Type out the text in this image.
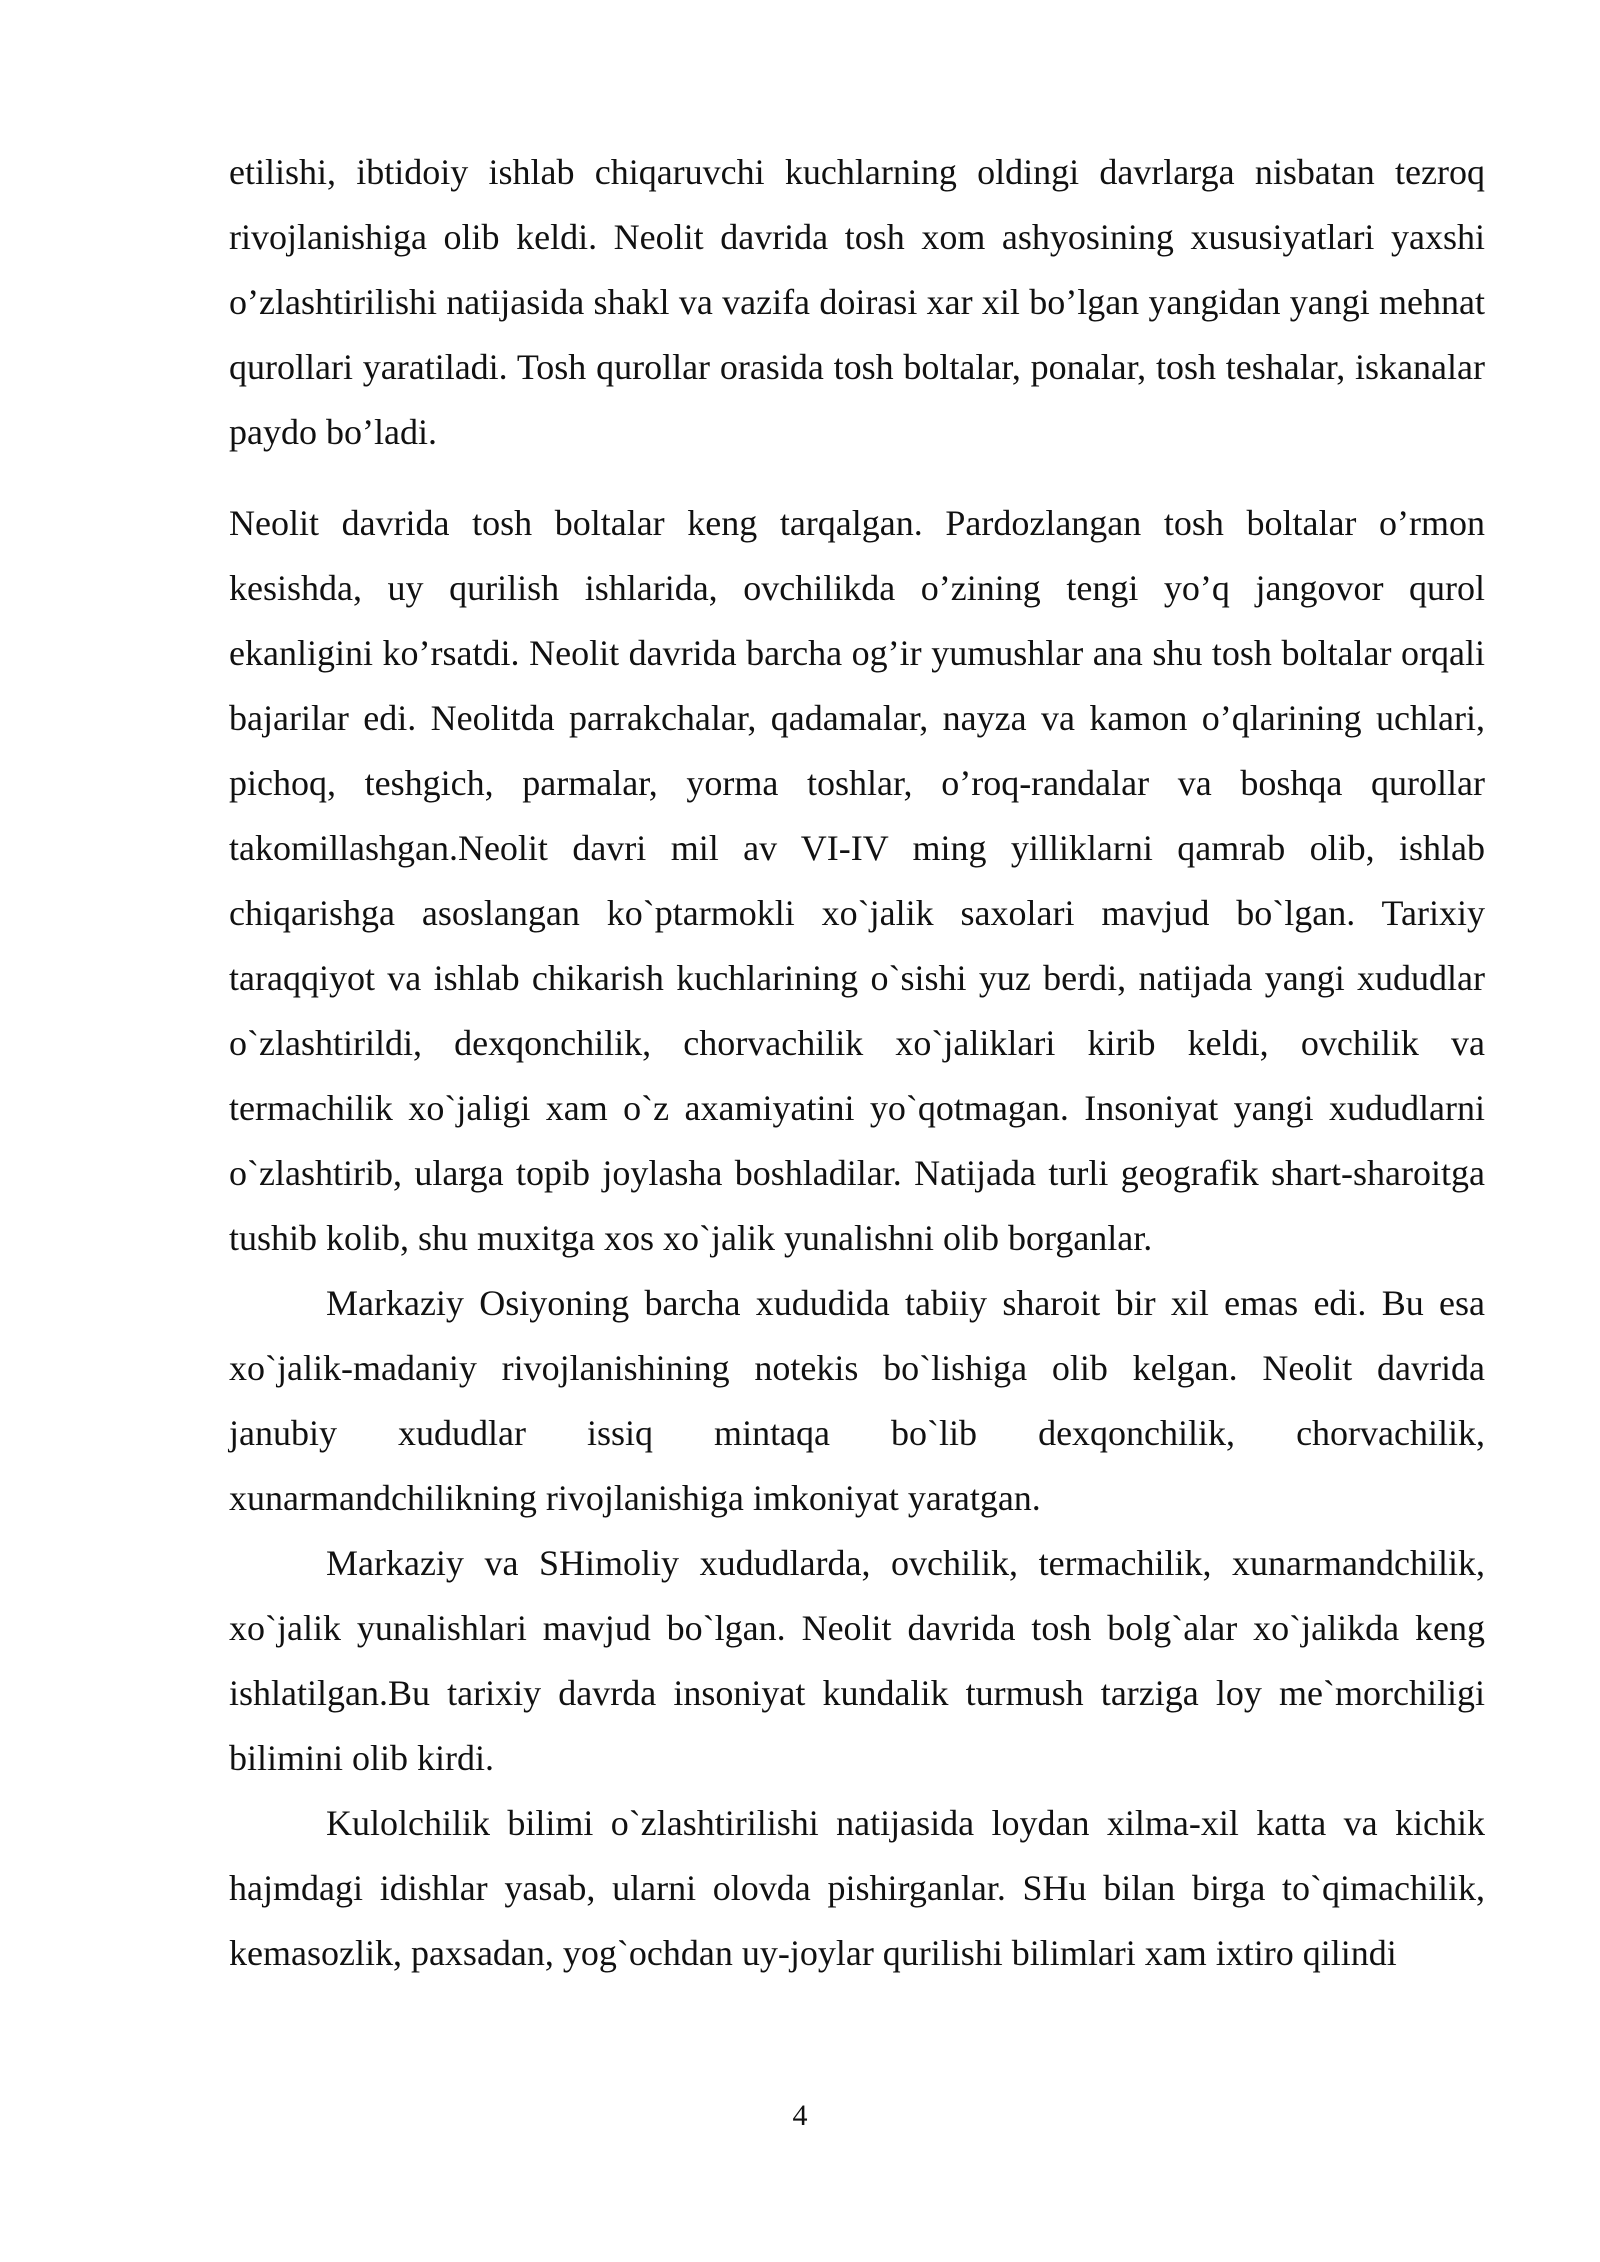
etilishi, ibtidoiy ishlab chiqaruvchi kuchlarning oldingi davrlarga nisbatan tezroq rivojlanishiga olib keldi. Neolit davrida tosh xom ashyosining xususiyatlari yaxshi o’zlashtirilishi natijasida shakl va vazifa doirasi xar xil bo’lgan yangidan yangi mehnat qurollari yaratiladi. Tosh qurollar orasida tosh boltalar, ponalar, tosh teshalar, iskanalar paydo bo’ladi.

Neolit davrida tosh boltalar keng tarqalgan. Pardozlangan tosh boltalar o’rmon kesishda, uy qurilish ishlarida, ovchilikda o’zining tengi yo’q jangovor qurol ekanligini ko’rsatdi. Neolit davrida barcha og’ir yumushlar ana shu tosh boltalar orqali bajarilar edi. Neolitda parrakchalar, qadamalar, nayza va kamon o’qlarining uchlari, pichoq, teshgich, parmalar, yorma toshlar, o’roq-randalar va boshqa qurollar takomillashgan.Neolit davri mil av VI-IV ming yilliklarni qamrab olib, ishlab chiqarishga asoslangan ko`ptarmokli xo`jalik saxolari mavjud bo`lgan. Tarixiy taraqqiyot va ishlab chikarish kuchlarining o`sishi yuz berdi, natijada yangi xududlar o`zlashtirildi, dexqonchilik, chorvachilik xo`jaliklari kirib keldi, ovchilik va termachilik xo`jaligi xam o`z axamiyatini yo`qotmagan. Insoniyat yangi xududlarni o`zlashtirib, ularga topib joylasha boshladilar. Natijada turli geografik shart-sharoitga tushib kolib, shu muxitga xos xo`jalik yunalishni olib borganlar.

Markaziy Osiyoning barcha xududida tabiiy sharoit bir xil emas edi. Bu esa xo`jalik-madaniy rivojlanishining notekis bo`lishiga olib kelgan. Neolit davrida janubiy xududlar issiq mintaqa bo`lib dexqonchilik, chorvachilik, xunarmandchilikning rivojlanishiga imkoniyat yaratgan.

Markaziy va SHimoliy xududlarda, ovchilik, termachilik, xunarmandchilik, xo`jalik yunalishlari mavjud bo`lgan. Neolit davrida tosh bolg`alar xo`jalikda keng ishlatilgan.Bu tarixiy davrda insoniyat kundalik turmush tarziga loy me`morchiligi bilimini olib kirdi.

Kulolchilik bilimi o`zlashtirilishi natijasida loydan xilma-xil katta va kichik hajmdagi idishlar yasab, ularni olovda pishirganlar. SHu bilan birga to`qimachilik, kemasozlik, paxsadan, yog`ochdan uy-joylar qurilishi bilimlari xam ixtiro qilindi

4
